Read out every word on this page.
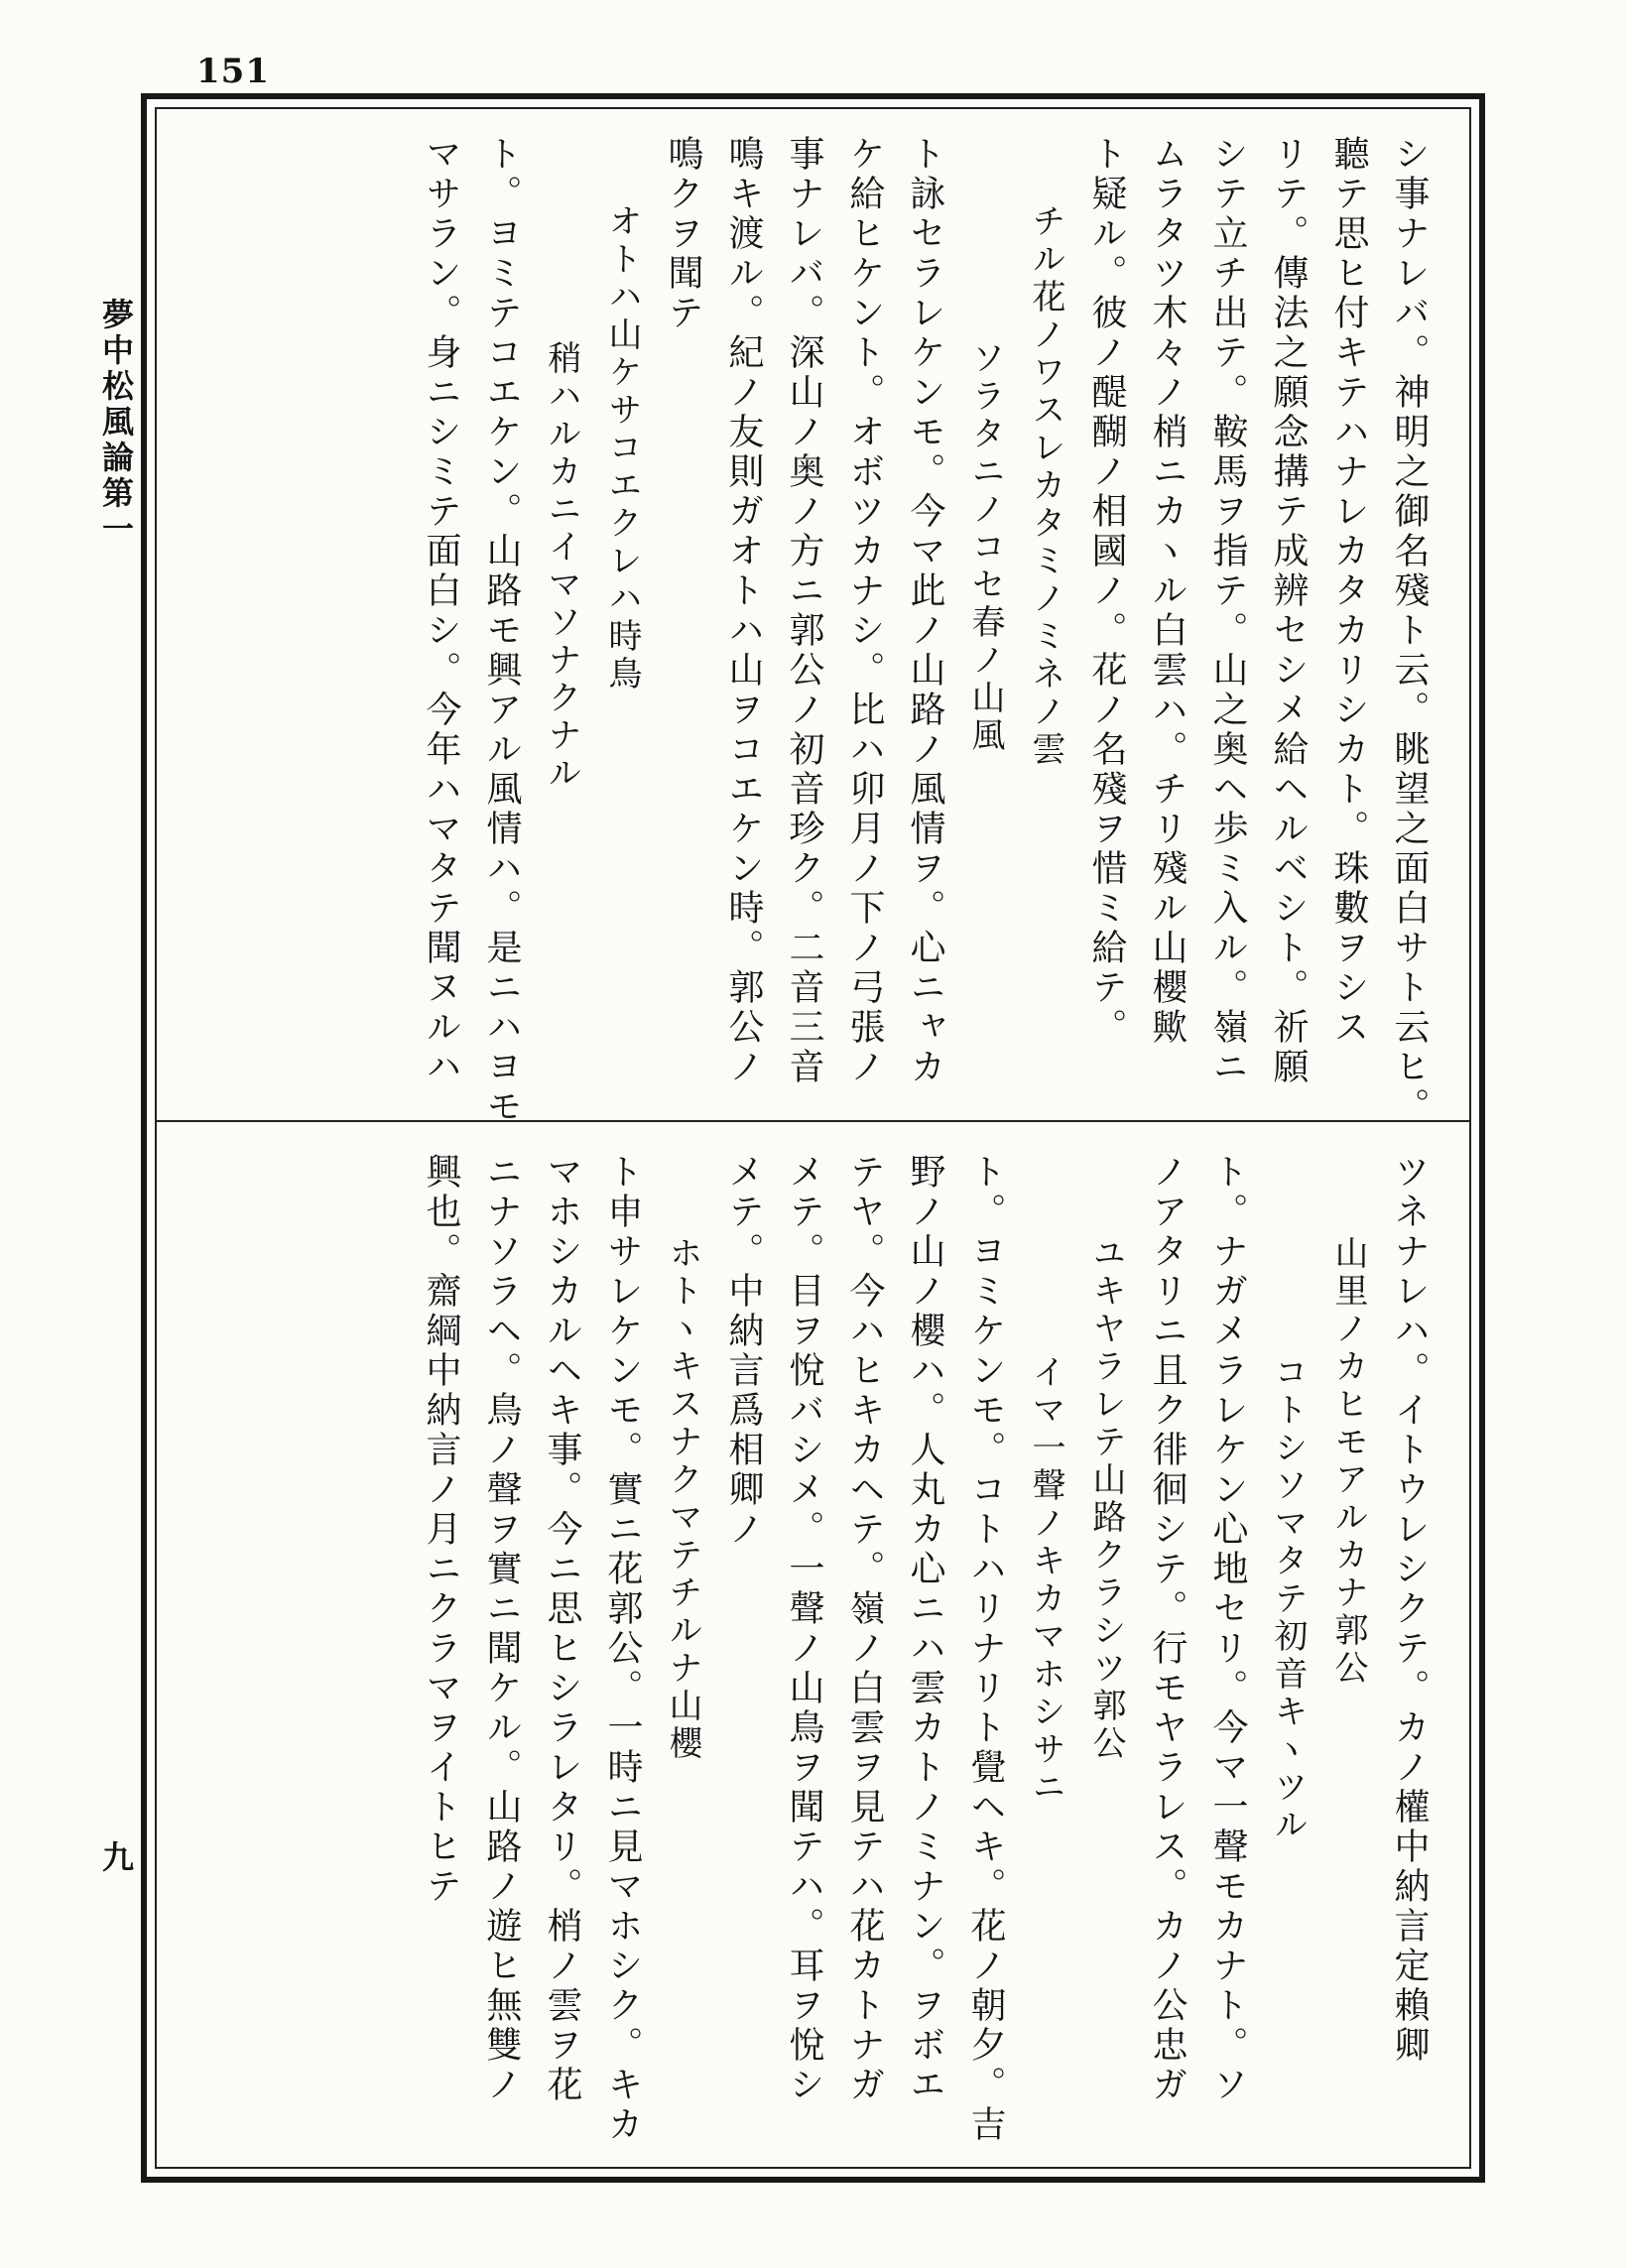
151
夢中松風論第一
九
シ事ナレバ。神明之御名殘ト云。眺望之面白サト云ヒ。
聽テ思ヒ付キテハナレカタカリシカト。珠數ヲシス
リテ。傳法之願念搆テ成辨セシメ給ヘルベシト。祈願
シテ立チ出テ。鞍馬ヲ指テ。山之奥ヘ歩ミ入ル。嶺ニ
ムラタツ木々ノ梢ニカヽル白雲ハ。チリ殘ル山櫻歟
ト疑ル。彼ノ醍醐ノ相國ノ。花ノ名殘ヲ惜ミ給テ。
チル花ノワスレカタミノミネノ雲
ソラタニノコセ春ノ山風
ト詠セラレケンモ。今マ此ノ山路ノ風情ヲ。心ニャカ
ケ給ヒケント。オボツカナシ。比ハ卯月ノ下ノ弓張ノ
事ナレバ。深山ノ奥ノ方ニ郭公ノ初音珍ク。二音三音
鳴キ渡ル。紀ノ友則ガオトハ山ヲコエケン時。郭公ノ
鳴クヲ聞テ
オトハ山ケサコエクレハ時鳥
稍ハルカニイマソナクナル
ト。ヨミテコエケン。山路モ興アル風情ハ。是ニハヨモ
マサラン。身ニシミテ面白シ。今年ハマタテ聞ヌルハ
ツネナレハ。イトウレシクテ。カノ權中納言定賴卿
山里ノカヒモアルカナ郭公
コトシソマタテ初音キヽツル
ト。ナガメラレケン心地セリ。今マ一聲モカナト。ソ
ノアタリニ且ク徘徊シテ。行モヤラレス。カノ公忠ガ
ユキヤラレテ山路クラシツ郭公
イマ一聲ノキカマホシサニ
ト。ヨミケンモ。コトハリナリト覺ヘキ。花ノ朝夕。吉
野ノ山ノ櫻ハ。人丸カ心ニハ雲カトノミナン。ヲボエ
テヤ。今ハヒキカヘテ。嶺ノ白雲ヲ見テハ花カトナガ
メテ。目ヲ悅バシメ。一聲ノ山鳥ヲ聞テハ。耳ヲ悅シ
メテ。中納言爲相卿ノ
ホトヽキスナクマテチルナ山櫻
ト申サレケンモ。實ニ花郭公。一時ニ見マホシク。キカ
マホシカルヘキ事。今ニ思ヒシラレタリ。梢ノ雲ヲ花
ニナソラヘ。鳥ノ聲ヲ實ニ聞ケル。山路ノ遊ヒ無雙ノ
興也。齋綱中納言ノ月ニクラマヲイトヒテ
